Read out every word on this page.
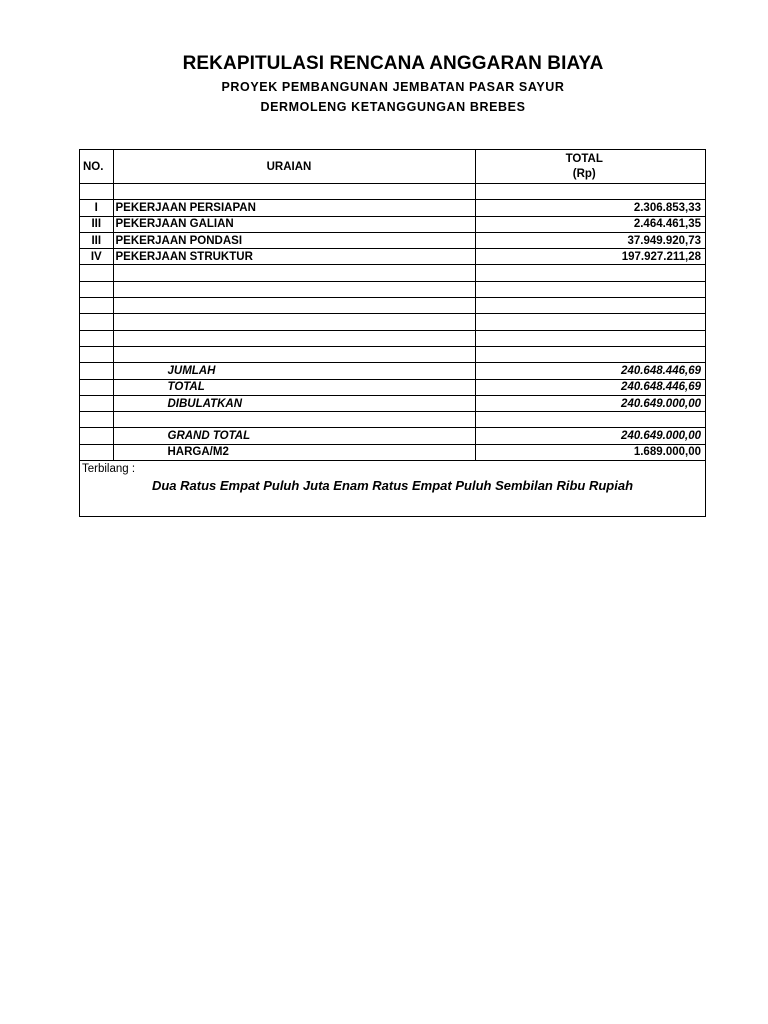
REKAPITULASI RENCANA ANGGARAN BIAYA
PROYEK PEMBANGUNAN JEMBATAN PASAR SAYUR
DERMOLENG KETANGGUNGAN BREBES
NO.	URAIAN	TOTAL
(Rp)

I	PEKERJAAN PERSIAPAN	2.306.853,33
III	PEKERJAAN GALIAN	2.464.461,35
III	PEKERJAAN PONDASI	37.949.920,73
IV	PEKERJAAN STRUKTUR	197.927.211,28

	JUMLAH	240.648.446,69
	TOTAL	240.648.446,69
	DIBULATKAN	240.649.000,00

	GRAND TOTAL	240.649.000,00
	HARGA/M2	1.689.000,00
Terbilang :
Dua Ratus Empat Puluh Juta Enam Ratus Empat Puluh Sembilan Ribu Rupiah
